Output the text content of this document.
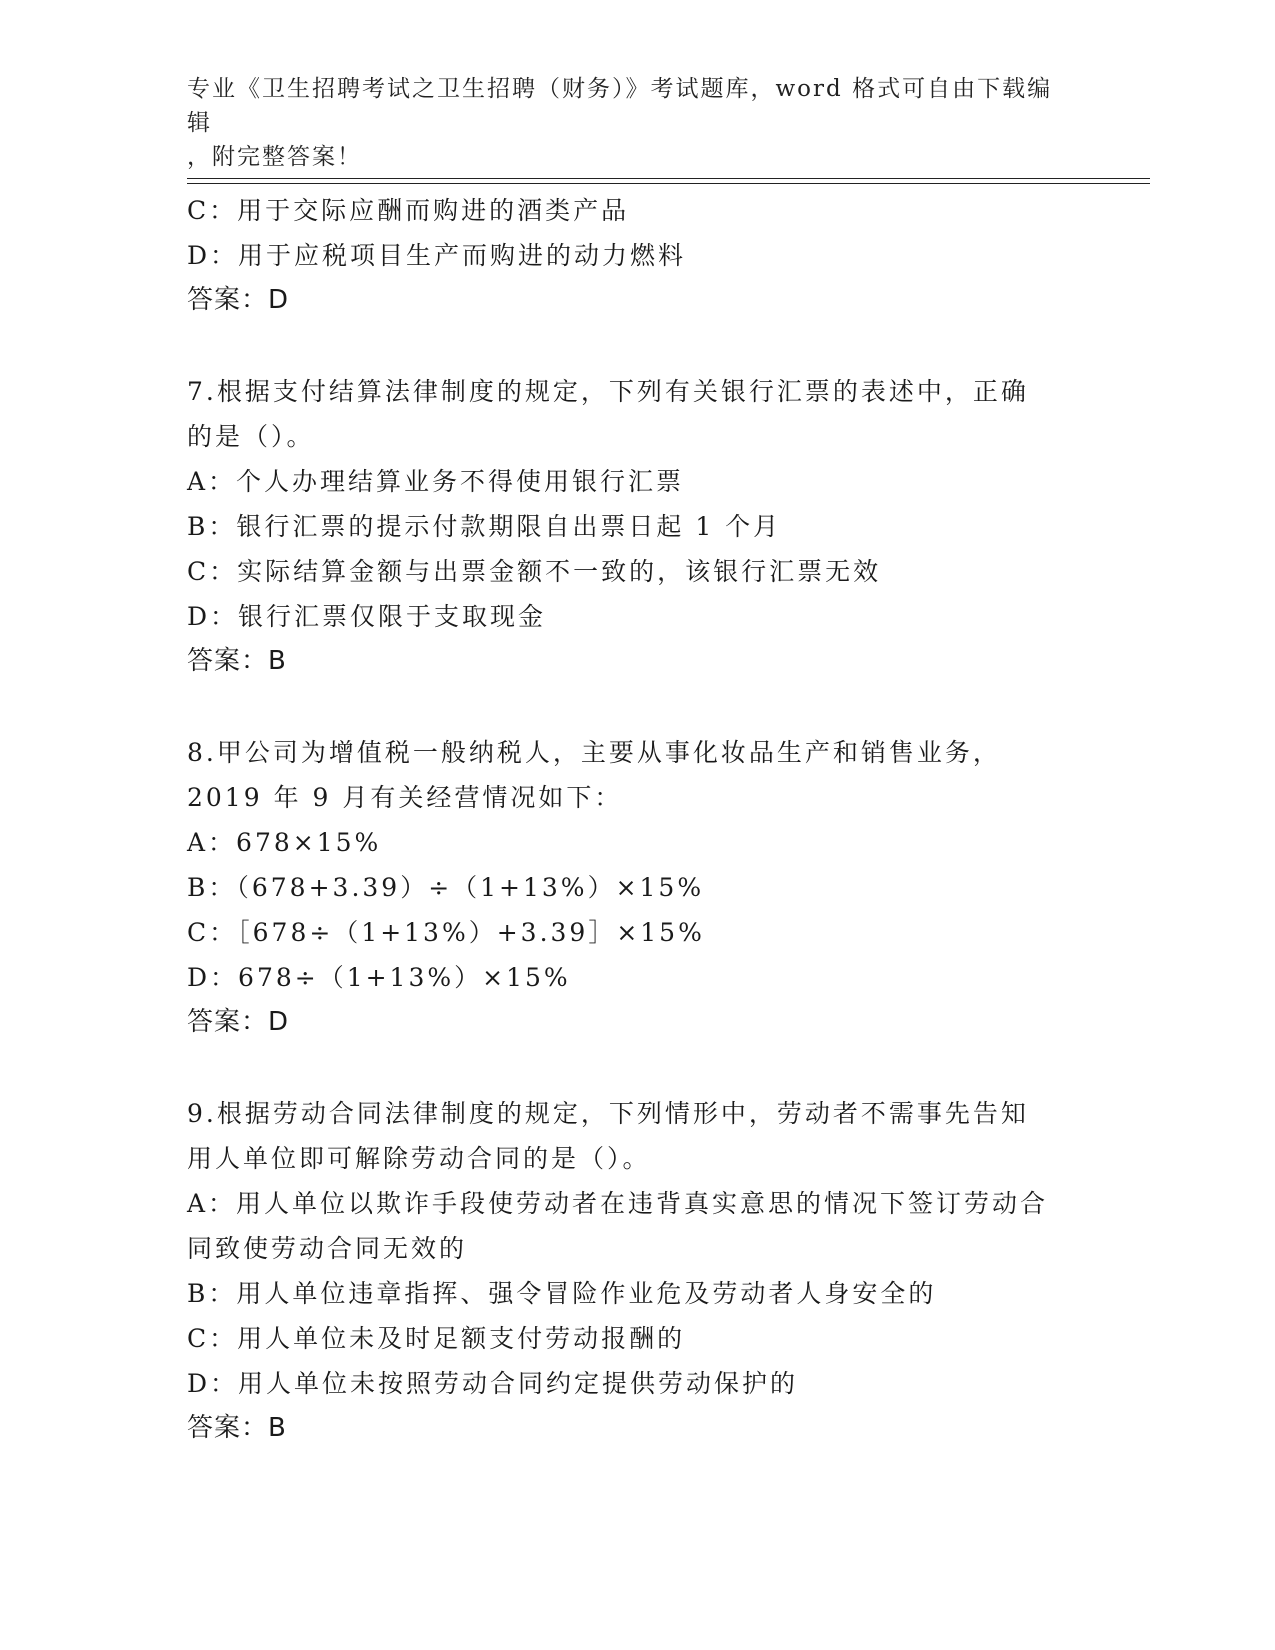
专业《卫生招聘考试之卫生招聘（财务）》考试题库，word 格式可自由下载编辑
，附完整答案！
C：用于交际应酬而购进的酒类产品
D：用于应税项目生产而购进的动力燃料
答案：D
7.根据支付结算法律制度的规定，下列有关银行汇票的表述中，正确
的是（）。
A：个人办理结算业务不得使用银行汇票
B：银行汇票的提示付款期限自出票日起 1 个月
C：实际结算金额与出票金额不一致的，该银行汇票无效
D：银行汇票仅限于支取现金
答案：B
8.甲公司为增值税一般纳税人，主要从事化妆品生产和销售业务，
2019 年 9 月有关经营情况如下：
A：678×15%
B：（678+3.39）÷（1+13%）×15%
C：［678÷（1+13%）+3.39］×15%
D：678÷（1+13%）×15%
答案：D
9.根据劳动合同法律制度的规定，下列情形中，劳动者不需事先告知
用人单位即可解除劳动合同的是（）。
A：用人单位以欺诈手段使劳动者在违背真实意思的情况下签订劳动合
同致使劳动合同无效的
B：用人单位违章指挥、强令冒险作业危及劳动者人身安全的
C：用人单位未及时足额支付劳动报酬的
D：用人单位未按照劳动合同约定提供劳动保护的
答案：B
